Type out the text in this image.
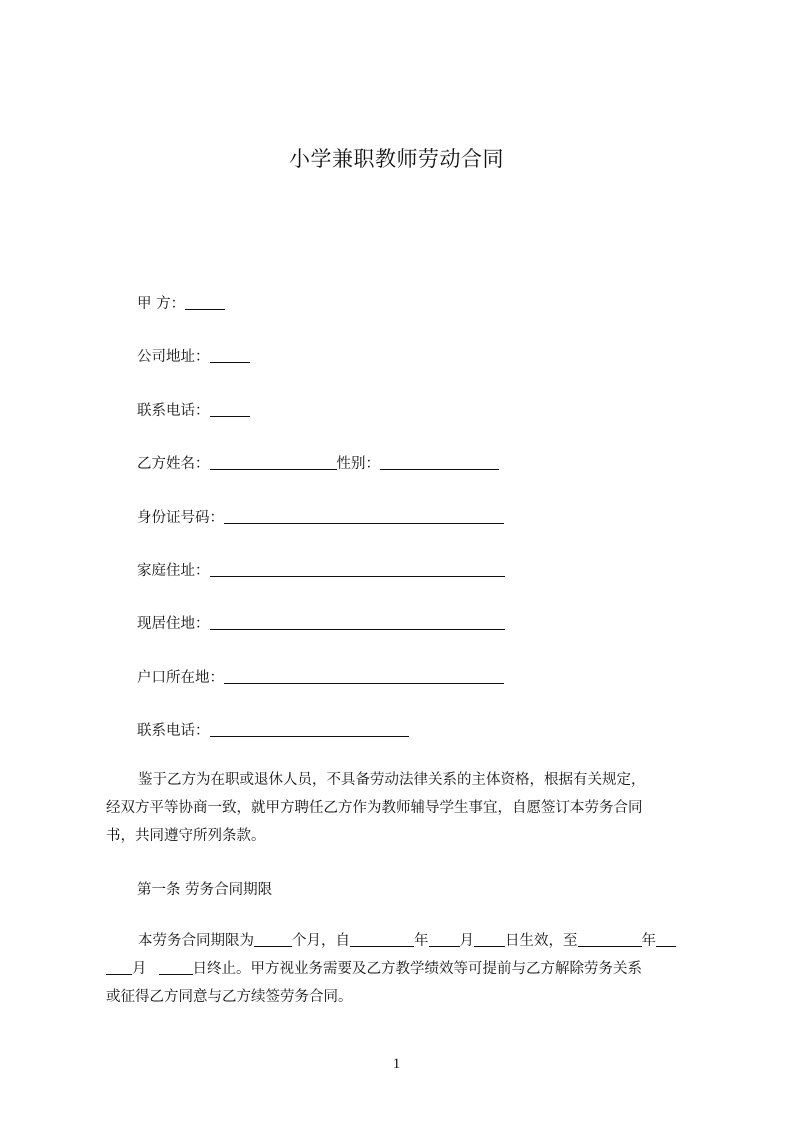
小学兼职教师劳动合同
甲 方：
公司地址：
联系电话：
乙方姓名：	性别：
身份证号码：
家庭住址：
现居住地：
户口所在地：
联系电话：
鉴于乙方为在职或退休人员，不具备劳动法律关系的主体资格，根据有关规定，
经双方平等协商一致，就甲方聘任乙方作为教师辅导学生事宜，自愿签订本劳务合同
书，共同遵守所列条款。
第一条 劳务合同期限
本劳务合同期限为	个月，自	年 月 日生效，至	年
月	日终止。甲方视业务需要及乙方教学绩效等可提前与乙方解除劳务关系
或征得乙方同意与乙方续签劳务合同。
1
